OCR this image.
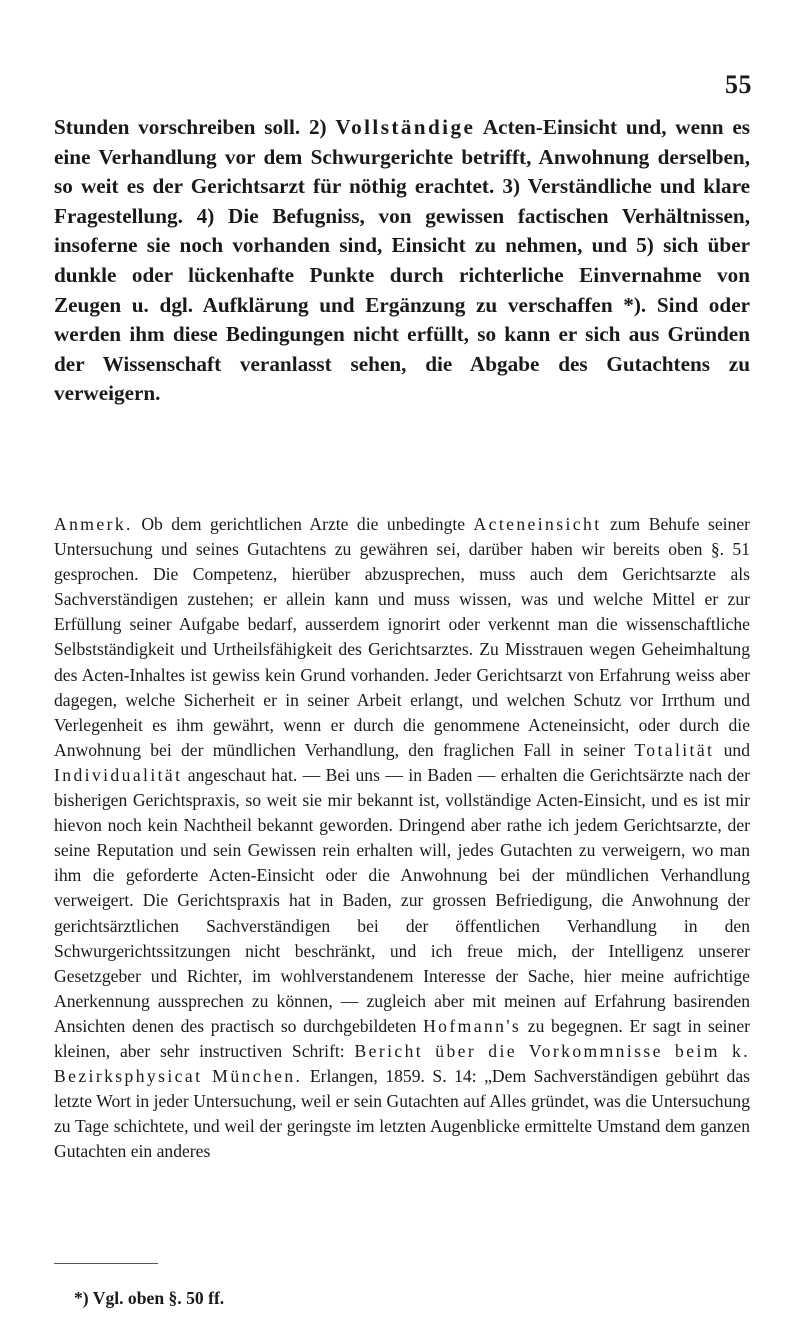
55

Stunden vorschreiben soll. 2) Vollständige Acten-Einsicht und, wenn es eine Verhandlung vor dem Schwurgerichte betrifft, Anwohnung derselben, so weit es der Gerichtsarzt für nöthig erachtet. 3) Verständliche und klare Fragestellung. 4) Die Befugniss, von gewissen factischen Verhältnissen, insoferne sie noch vorhanden sind, Einsicht zu nehmen, und 5) sich über dunkle oder lückenhafte Punkte durch richterliche Einvernahme von Zeugen u. dgl. Aufklärung und Ergänzung zu verschaffen *). Sind oder werden ihm diese Bedingungen nicht erfüllt, so kann er sich aus Gründen der Wissenschaft veranlasst sehen, die Abgabe des Gutachtens zu verweigern.

Anmerk. Ob dem gerichtlichen Arzte die unbedingte Acteneinsicht zum Behufe seiner Untersuchung und seines Gutachtens zu gewähren sei, darüber haben wir bereits oben §. 51 gesprochen. Die Competenz, hierüber abzusprechen, muss auch dem Gerichtsarzte als Sachverständigen zustehen; er allein kann und muss wissen, was und welche Mittel er zur Erfüllung seiner Aufgabe bedarf, ausserdem ignorirt oder verkennt man die wissenschaftliche Selbstständigkeit und Urtheilsfähigkeit des Gerichtsarztes. Zu Misstrauen wegen Geheimhaltung des Acten-Inhaltes ist gewiss kein Grund vorhanden. Jeder Gerichtsarzt von Erfahrung weiss aber dagegen, welche Sicherheit er in seiner Arbeit erlangt, und welchen Schutz vor Irrthum und Verlegenheit es ihm gewährt, wenn er durch die genommene Acteneinsicht, oder durch die Anwohnung bei der mündlichen Verhandlung, den fraglichen Fall in seiner Totalität und Individualität angeschaut hat. — Bei uns — in Baden — erhalten die Gerichtsärzte nach der bisherigen Gerichtspraxis, so weit sie mir bekannt ist, vollständige Acten-Einsicht, und es ist mir hievon noch kein Nachtheil bekannt geworden. Dringend aber rathe ich jedem Gerichtsarzte, der seine Reputation und sein Gewissen rein erhalten will, jedes Gutachten zu verweigern, wo man ihm die geforderte Acten-Einsicht oder die Anwohnung bei der mündlichen Verhandlung verweigert. Die Gerichtspraxis hat in Baden, zur grossen Befriedigung, die Anwohnung der gerichtsärztlichen Sachverständigen bei der öffentlichen Verhandlung in den Schwurgerichtssitzungen nicht beschränkt, und ich freue mich, der Intelligenz unserer Gesetzgeber und Richter, im wohlverstandenem Interesse der Sache, hier meine aufrichtige Anerkennung aussprechen zu können, — zugleich aber mit meinen auf Erfahrung basirenden Ansichten denen des practisch so durchgebildeten Hofmann's zu begegnen. Er sagt in seiner kleinen, aber sehr instructiven Schrift: Bericht über die Vorkommnisse beim k. Bezirksphysicat München. Erlangen, 1859. S. 14: „Dem Sachverständigen gebührt das letzte Wort in jeder Untersuchung, weil er sein Gutachten auf Alles gründet, was die Untersuchung zu Tage schichtete, und weil der geringste im letzten Augenblicke ermittelte Umstand dem ganzen Gutachten ein anderes

*) Vgl. oben §. 50 ff.
